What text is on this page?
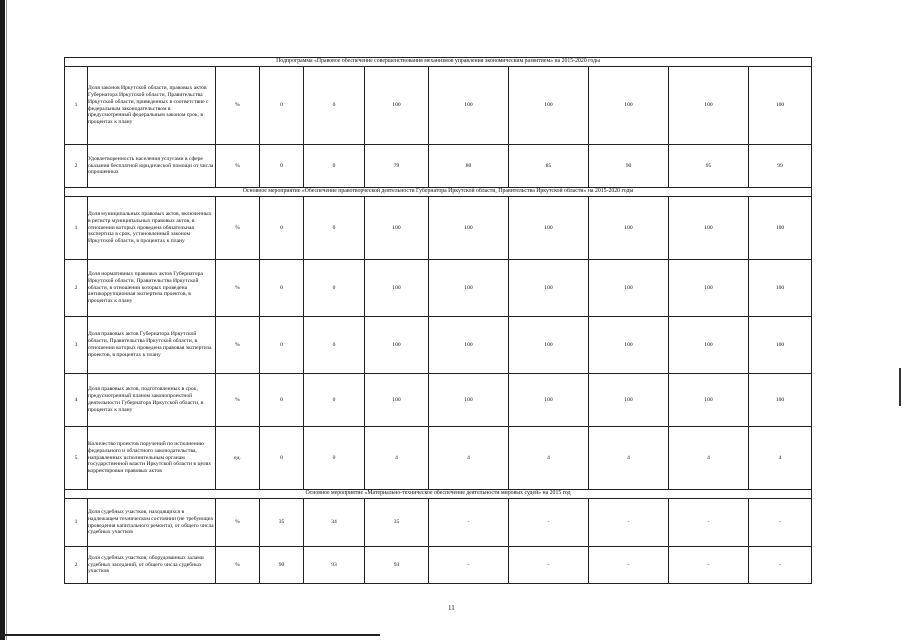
Подпрограмма «Правовое обеспечение совершенствования механизмов управления экономическим развитием» на 2015-2020 годы										
1	Доля законов Иркутской области, правовых актов Губернатора Иркутской области, Правительства Иркутской области, приведенных в соответствие с федеральным законодательством в предусмотренный федеральным законом срок, в процентах к плану	%	0	0	100	100	100	100	100	100
2	Удовлетворенность населения услугами в сфере оказания бесплатной юридической помощи от числа опрошенных	%	0	0	79	80	85	90	95	99
Основное мероприятие «Обеспечение правотворческой деятельности Губернатора Иркутской области, Правительства Иркутской области» на 2015-2020 годы										
1	Доля муниципальных правовых актов, включенных в регистр муниципальных правовых актов, в отношении которых проведена обязательная экспертиза в срок, установленный законом Иркутской области, в процентах к плану	%	0	0	100	100	100	100	100	100
2	Доля нормативных правовых актов Губернатора Иркутской области, Правительства Иркутской области, в отношении которых проведена антикоррупционная экспертиза проектов, в процентах к плану	%	0	0	100	100	100	100	100	100
3	Доля правовых актов Губернатора Иркутской области, Правительства Иркутской области, в отношении которых проведена правовая экспертиза проектов, в процентах к плану	%	0	0	100	100	100	100	100	100
4	Доля правовых актов, подготовленных в срок, предусмотренный планом законопроектной деятельности Губернатора Иркутской области, в процентах к плану	%	0	0	100	100	100	100	100	100
5	Количество проектов поручений по исполнению федерального и областного законодательства, направленных исполнительным органам государственной власти Иркутской области в целях корректировки правовых актов	ед.	0	0	4	4	4	4	4	4
Основное мероприятие «Материально-техническое обеспечение деятельности мировых судей» на 2015 год										
1	Доля судебных участков, находящихся в надлежащем техническом состоянии (не требующих проведения капитального ремонта), от общего числа судебных участков	%	35	34	35	-	-	-	-	-
2	Доля судебных участков, оборудованных залами судебных заседаний, от общего числа судебных участков	%	90	93	93	-	-	-	-	-
11
